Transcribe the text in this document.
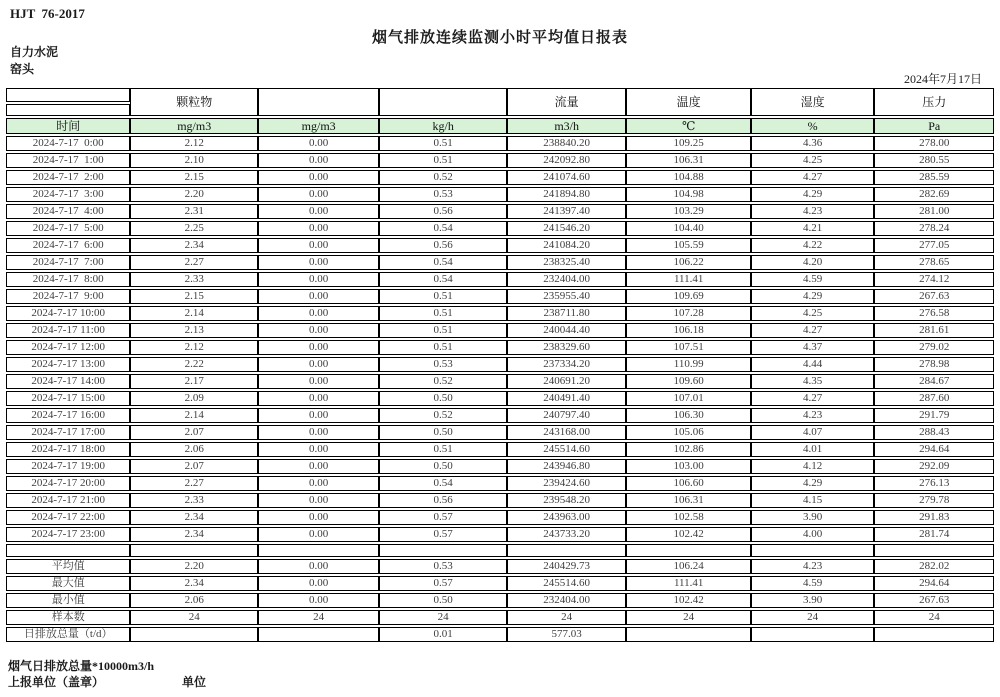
HJT  76-2017
烟气排放连续监测小时平均值日报表
自力水泥
窑头
2024年7月17日
	颗粒物			流量	温度	湿度	压力

时间	mg/m3	mg/m3	kg/h	m3/h	℃	%	Pa
2024-7-17  0:00	2.12	0.00	0.51	238840.20	109.25	4.36	278.00
2024-7-17  1:00	2.10	0.00	0.51	242092.80	106.31	4.25	280.55
2024-7-17  2:00	2.15	0.00	0.52	241074.60	104.88	4.27	285.59
2024-7-17  3:00	2.20	0.00	0.53	241894.80	104.98	4.29	282.69
2024-7-17  4:00	2.31	0.00	0.56	241397.40	103.29	4.23	281.00
2024-7-17  5:00	2.25	0.00	0.54	241546.20	104.40	4.21	278.24
2024-7-17  6:00	2.34	0.00	0.56	241084.20	105.59	4.22	277.05
2024-7-17  7:00	2.27	0.00	0.54	238325.40	106.22	4.20	278.65
2024-7-17  8:00	2.33	0.00	0.54	232404.00	111.41	4.59	274.12
2024-7-17  9:00	2.15	0.00	0.51	235955.40	109.69	4.29	267.63
2024-7-17 10:00	2.14	0.00	0.51	238711.80	107.28	4.25	276.58
2024-7-17 11:00	2.13	0.00	0.51	240044.40	106.18	4.27	281.61
2024-7-17 12:00	2.12	0.00	0.51	238329.60	107.51	4.37	279.02
2024-7-17 13:00	2.22	0.00	0.53	237334.20	110.99	4.44	278.98
2024-7-17 14:00	2.17	0.00	0.52	240691.20	109.60	4.35	284.67
2024-7-17 15:00	2.09	0.00	0.50	240491.40	107.01	4.27	287.60
2024-7-17 16:00	2.14	0.00	0.52	240797.40	106.30	4.23	291.79
2024-7-17 17:00	2.07	0.00	0.50	243168.00	105.06	4.07	288.43
2024-7-17 18:00	2.06	0.00	0.51	245514.60	102.86	4.01	294.64
2024-7-17 19:00	2.07	0.00	0.50	243946.80	103.00	4.12	292.09
2024-7-17 20:00	2.27	0.00	0.54	239424.60	106.60	4.29	276.13
2024-7-17 21:00	2.33	0.00	0.56	239548.20	106.31	4.15	279.78
2024-7-17 22:00	2.34	0.00	0.57	243963.00	102.58	3.90	291.83
2024-7-17 23:00	2.34	0.00	0.57	243733.20	102.42	4.00	281.74

平均值	2.20	0.00	0.53	240429.73	106.24	4.23	282.02
最大值	2.34	0.00	0.57	245514.60	111.41	4.59	294.64
最小值	2.06	0.00	0.50	232404.00	102.42	3.90	267.63
样本数	24	24	24	24	24	24	24
日排放总量（t/d）			0.01	577.03			
烟气日排放总量*10000m3/h
上报单位（盖章）	单位
